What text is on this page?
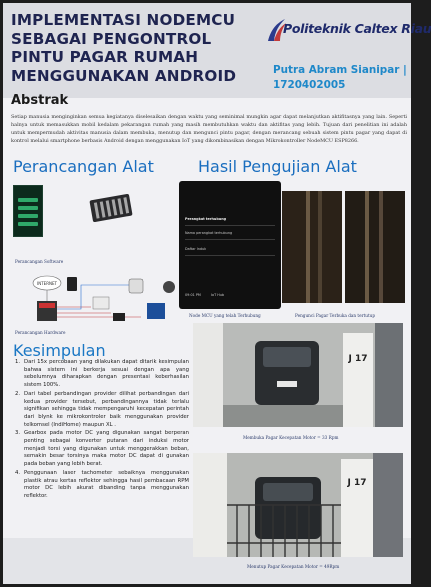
IMPLEMENTASI NODEMCU SEBAGAI PENGONTROL PINTU PAGAR RUMAH MENGGUNAKAN ANDROID
Politeknik Caltex Riau
Putra Abram Sianipar | 1720402005
Abstrak

Setiap manusia menginginkan semua kegiatanya diselesaikan dengan waktu yang seminimal mungkin agar dapat melanjutkan aktifitasnya yang lain. Seperti halnya untuk memasukkan mobil kedalam pekarangan rumah yang masih membutuhkan waktu dan aktifitas yang lebih. Tujuan dari penelitian ini adalah untuk mempermudah aktivitas manusia dalam membuka, menutup dan mengunci pintu pagar, dengan merancang sebuah sistem pintu pagar yang dapat di kontrol melalui smartphone berbasis Android dengan menggunakan IoT yang dikombinasikan dengan Mikrokontroller NodeMCU ESP8266.

Perancangan Alat	Hasil Pengujian Alat
Perancangan Software
INTERNET
Perancangan Hardware
Perangkat terhubung
Nama perangkat terhubung
Daftar Induk
09:01 PM	IoT Hub
Node MCU yang telah Terhubung	Pengunci Pagar Terbuka dan tertutup
J 17
Membuka Pagar Kecepatan Motor = 33 Rpm
J 17
Menutup Pagar Kecepatan Motor = 49Rpm
Kesimpulan
1. Dari 15x percobaan yang dilakukan dapat ditarik kesimpulan bahwa sistem ini berkerja sesuai dengan apa yang sebelumnya diharapkan dengan presentasi keberhasilan sistem 100%.
2. Dari tabel perbandingan provider dilihat perbandingan dari kedua provider tersebut, perbandingannya tidak terlalu signifikan sehingga tidak mempengaruhi kecepatan perintah dari blynk ke mikrokontroler baik menggunakan provider telkomsel (IndiHome) maupun XL .
3. Gearbox pada motor DC yang digunakan sangat berperan penting sebagai konverter putaran dari induksi motor menjadi torsi yang digunakan untuk menggerakkan beban, semakin besar torsinya maka motor DC dapat di gunakan pada beban yang lebih berat.
4. Penggunaan laser tachometer sebaiknya menggunakan plastik atrau kertas reflektor sehingga hasil pembacaan RPM motor DC lebih akurat dibanding tanpa menggunakan reflektor.
